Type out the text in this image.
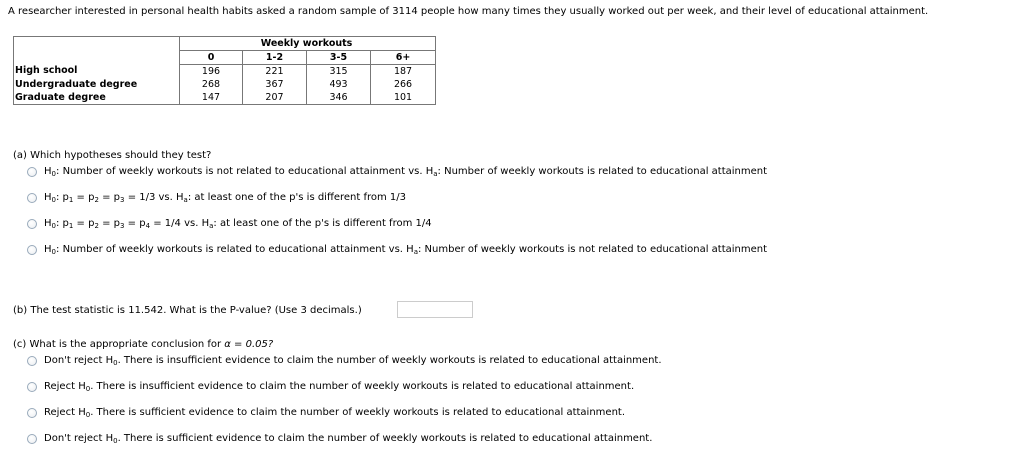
A researcher interested in personal health habits asked a random sample of 3114 people how many times they usually worked out per week, and their level of educational attainment.
		Weekly workouts		
	0	1-2	3-5	6+
High school	196	221	315	187
Undergraduate degree	268	367	493	266
Graduate degree	147	207	346	101
(a) Which hypotheses should they test?
$H_0$: Number of weekly workouts is not related to educational attainment vs. $H_a$: Number of weekly workouts is related to educational attainment
$H_0$: $p_1 = p_2 = p_3 = 1/3$ vs. $H_a$: at least one of the p's is different from 1/3
$H_0$: $p_1 = p_2 = p_3 = p_4 = 1/4$ vs. $H_a$: at least one of the p's is different from 1/4
$H_0$: Number of weekly workouts is related to educational attainment vs. $H_a$: Number of weekly workouts is not related to educational attainment
(b) The test statistic is 11.542. What is the P-value? (Use 3 decimals.)
(c) What is the appropriate conclusion for α = 0.05?
Don't reject $H_0$. There is insufficient evidence to claim the number of weekly workouts is related to educational attainment.
Reject $H_0$. There is insufficient evidence to claim the number of weekly workouts is related to educational attainment.
Reject $H_0$. There is sufficient evidence to claim the number of weekly workouts is related to educational attainment.
Don't reject $H_0$. There is sufficient evidence to claim the number of weekly workouts is related to educational attainment.
